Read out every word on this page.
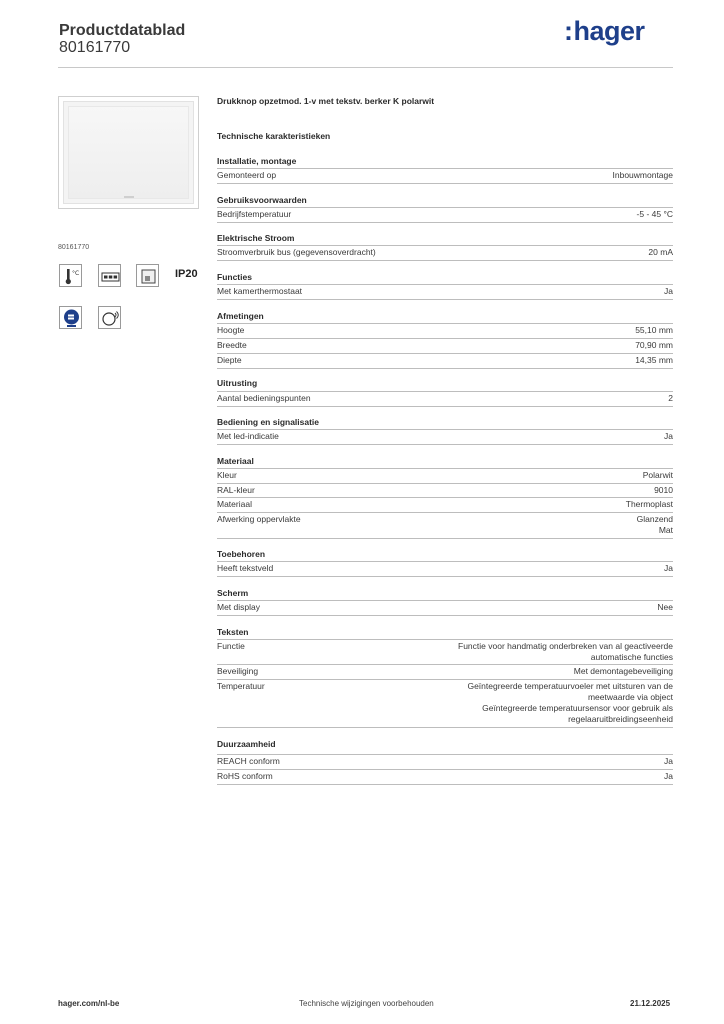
Productdatablad
80161770
:hager
80161770
°C	IP20
Drukknop opzetmod. 1-v met tekstv. berker K polarwit
Technische karakteristieken
Installatie, montage
Gemonteerd op	Inbouwmontage
Gebruiksvoorwaarden
Bedrijfstemperatuur	-5 - 45 °C
Elektrische Stroom
Stroomverbruik bus (gegevensoverdracht)	20 mA
Functies
Met kamerthermostaat	Ja
Afmetingen
Hoogte	55,10 mm
Breedte	70,90 mm
Diepte	14,35 mm
Uitrusting
Aantal bedieningspunten	2
Bediening en signalisatie
Met led-indicatie	Ja
Materiaal
Kleur	Polarwit
RAL-kleur	9010
Materiaal	Thermoplast
Afwerking oppervlakte	Glanzend
Mat
Toebehoren
Heeft tekstveld	Ja
Scherm
Met display	Nee
Teksten
Functie	Functie voor handmatig onderbreken van al geactiveerde
automatische functies
Beveiliging	Met demontagebeveiliging
Temperatuur	Geïntegreerde temperatuurvoeler met uitsturen van de
meetwaarde via object
Geïntegreerde temperatuursensor voor gebruik als
regelaaruitbreidingseenheid
Duurzaamheid
REACH conform	Ja
RoHS conform	Ja
hager.com/nl-be	Technische wijzigingen voorbehouden	21.12.2025
